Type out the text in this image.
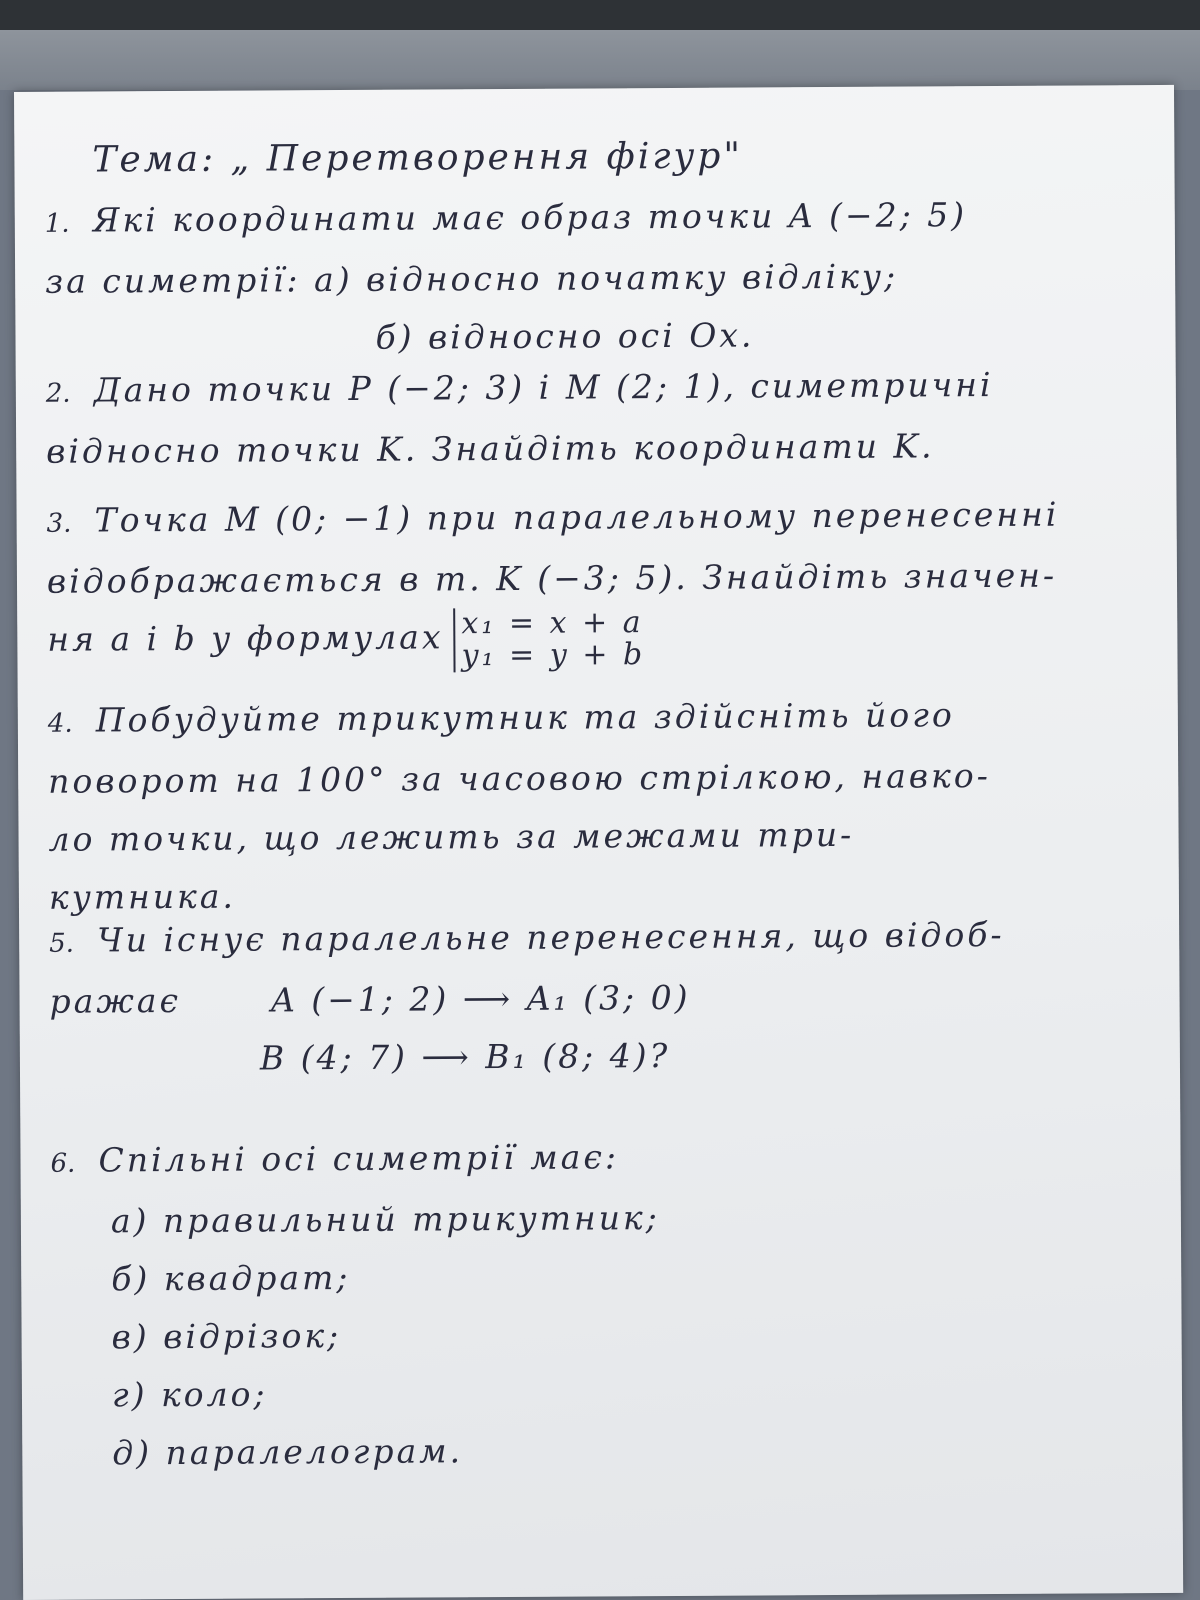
Тема: „ Перетворення фігур"
1. Які координати має образ точки A (−2; 5)
за симетрії: а) відносно початку відліку;
б) відносно осі Ox.
2. Дано точки P (−2; 3) і M (2; 1), симетричні
відносно точки K. Знайдіть координати K.
3. Точка M (0; −1) при паралельному перенесенні
відображається в т. K (−3; 5). Знайдіть значен-
ня a і b у формулах x₁ = x + a
y₁ = y + b
4. Побудуйте трикутник та здійсніть його
поворот на 100° за часовою стрілкою, навко-
ло точки, що лежить за межами три-
кутника.
5. Чи існує паралельне перенесення, що відоб-
ражає	A (−1; 2) ⟶ A₁ (3; 0)
B (4; 7) ⟶ B₁ (8; 4)?
6. Спільні осі симетрії має:
а) правильний трикутник;
б) квадрат;
в) відрізок;
г) коло;
д) паралелограм.
